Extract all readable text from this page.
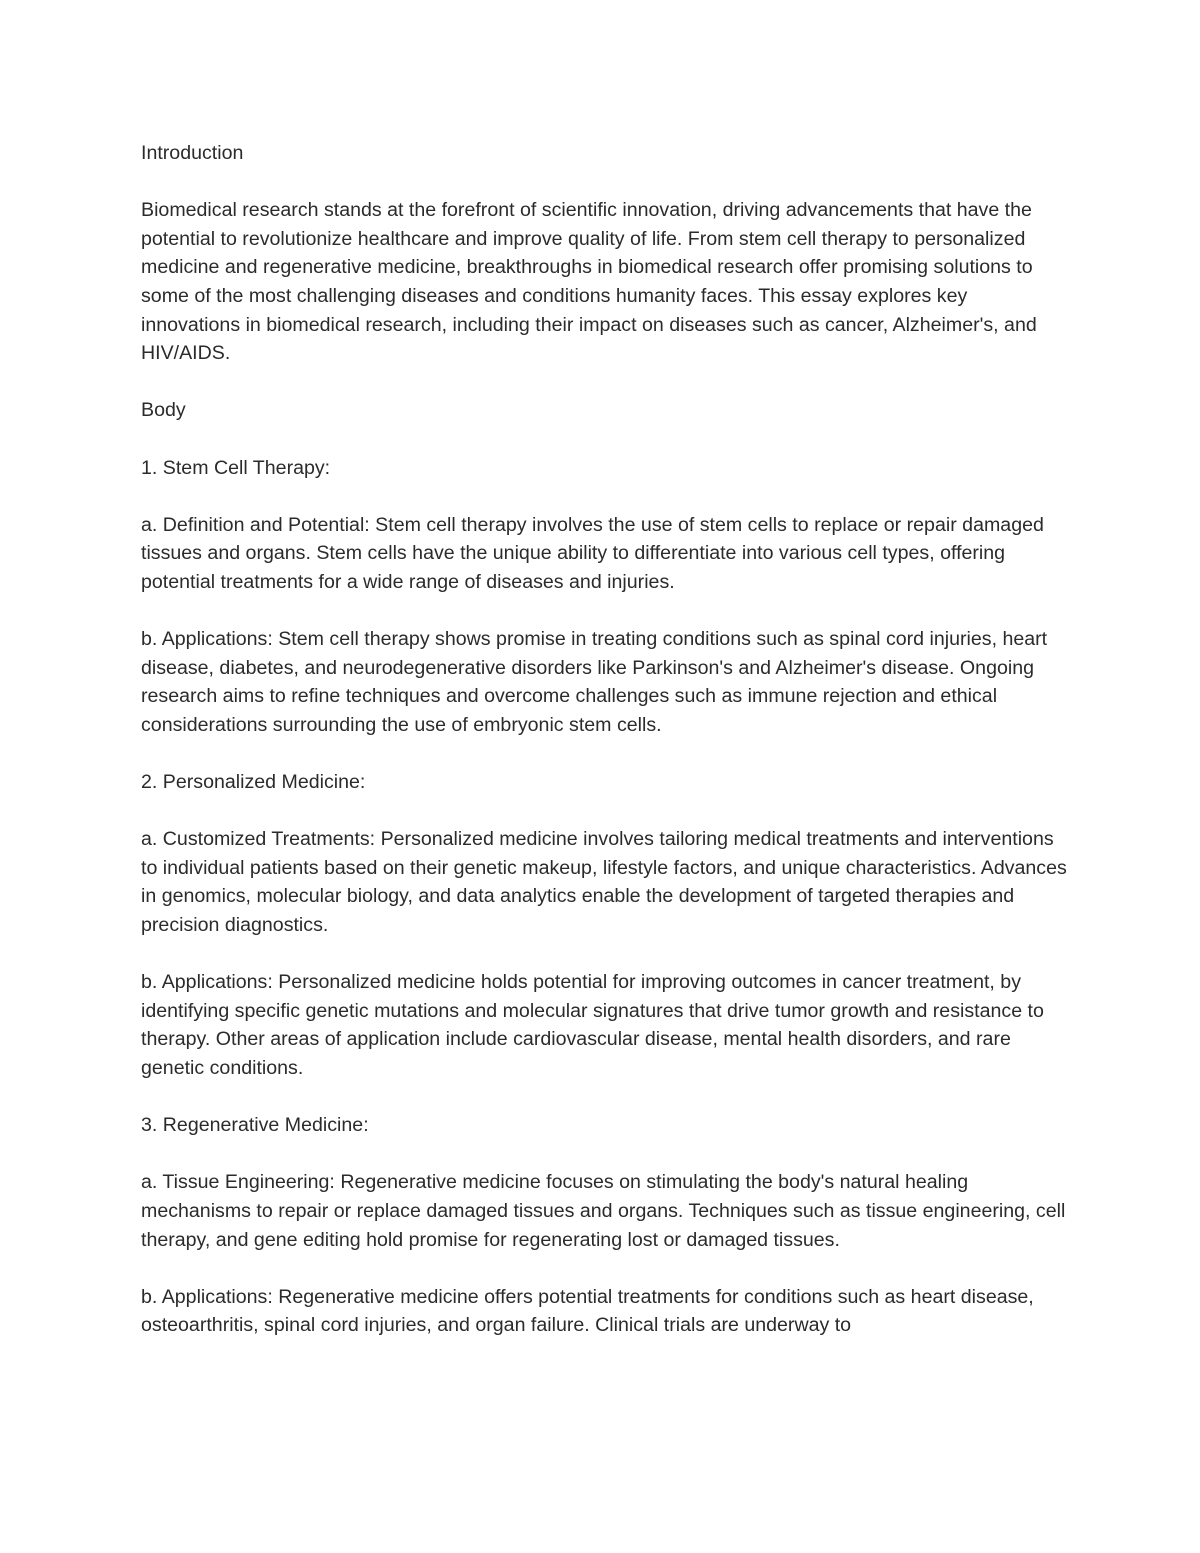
Introduction

Biomedical research stands at the forefront of scientific innovation, driving advancements that have the potential to revolutionize healthcare and improve quality of life. From stem cell therapy to personalized medicine and regenerative medicine, breakthroughs in biomedical research offer promising solutions to some of the most challenging diseases and conditions humanity faces. This essay explores key innovations in biomedical research, including their impact on diseases such as cancer, Alzheimer's, and HIV/AIDS.

Body

1. Stem Cell Therapy:

a. Definition and Potential: Stem cell therapy involves the use of stem cells to replace or repair damaged tissues and organs. Stem cells have the unique ability to differentiate into various cell types, offering potential treatments for a wide range of diseases and injuries.

b. Applications: Stem cell therapy shows promise in treating conditions such as spinal cord injuries, heart disease, diabetes, and neurodegenerative disorders like Parkinson's and Alzheimer's disease. Ongoing research aims to refine techniques and overcome challenges such as immune rejection and ethical considerations surrounding the use of embryonic stem cells.

2. Personalized Medicine:

a. Customized Treatments: Personalized medicine involves tailoring medical treatments and interventions to individual patients based on their genetic makeup, lifestyle factors, and unique characteristics. Advances in genomics, molecular biology, and data analytics enable the development of targeted therapies and precision diagnostics.

b. Applications: Personalized medicine holds potential for improving outcomes in cancer treatment, by identifying specific genetic mutations and molecular signatures that drive tumor growth and resistance to therapy. Other areas of application include cardiovascular disease, mental health disorders, and rare genetic conditions.

3. Regenerative Medicine:

a. Tissue Engineering: Regenerative medicine focuses on stimulating the body's natural healing mechanisms to repair or replace damaged tissues and organs. Techniques such as tissue engineering, cell therapy, and gene editing hold promise for regenerating lost or damaged tissues.

b. Applications: Regenerative medicine offers potential treatments for conditions such as heart disease, osteoarthritis, spinal cord injuries, and organ failure. Clinical trials are underway to
